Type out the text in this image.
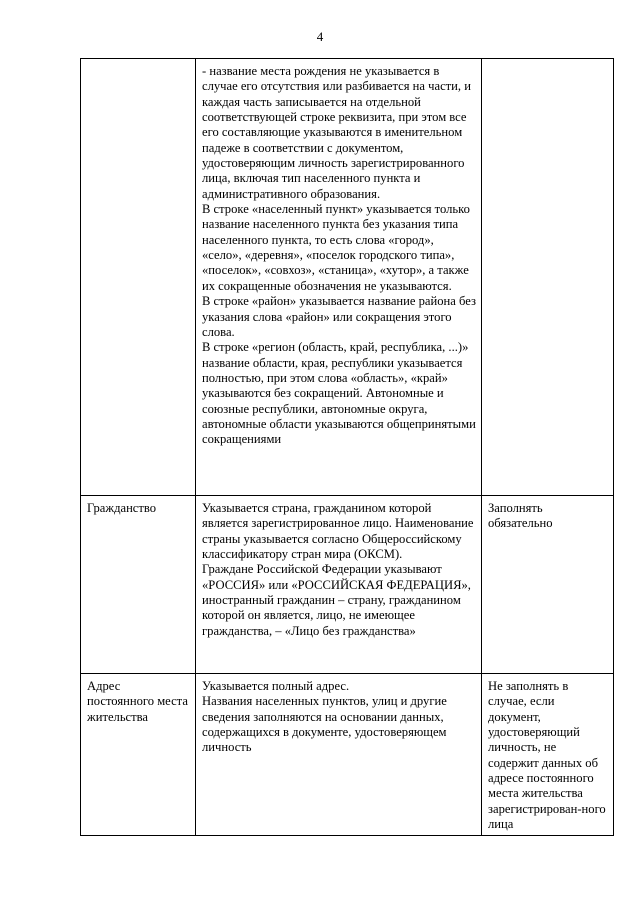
4

	- название места рождения не указывается в случае его отсутствия или разбивается на части, и каждая часть записывается на отдельной соответствующей строке реквизита, при этом все его составляющие указываются в именительном падеже в соответствии с документом, удостоверяющим личность зарегистрированного лица, включая тип населенного пункта и административного образования.
В строке «населенный пункт» указывается только название населенного пункта без указания типа населенного пункта, то есть слова «город», «село», «деревня», «поселок городского типа», «поселок», «совхоз», «станица», «хутор», а также их сокращенные обозначения не указываются.
В строке «район» указывается название района без указания слова «район» или сокращения этого слова.
В строке «регион (область, край, республика, ...)» название области, края, республики указывается полностью, при этом слова «область», «край» указываются без сокращений. Автономные и союзные республики, автономные округа, автономные области указываются общепринятыми сокращениями	

Гражданство	Указывается страна, гражданином которой является зарегистрированное лицо. Наименование страны указывается согласно Общероссийскому классификатору стран мира (ОКСМ).
Граждане Российской Федерации указывают «РОССИЯ» или «РОССИЙСКАЯ ФЕДЕРАЦИЯ», иностранный гражданин – страну, гражданином которой он является, лицо, не имеющее гражданства, – «Лицо без гражданства»	Заполнять обязательно
Адрес постоянного места жительства	Указывается полный адрес.
Названия населенных пунктов, улиц и другие сведения заполняются на основании данных, содержащихся в документе, удостоверяющем личность	Не заполнять в случае, если документ, удостоверяющий личность, не содержит данных об адресе постоянного места жительства зарегистрирован-ного лица
